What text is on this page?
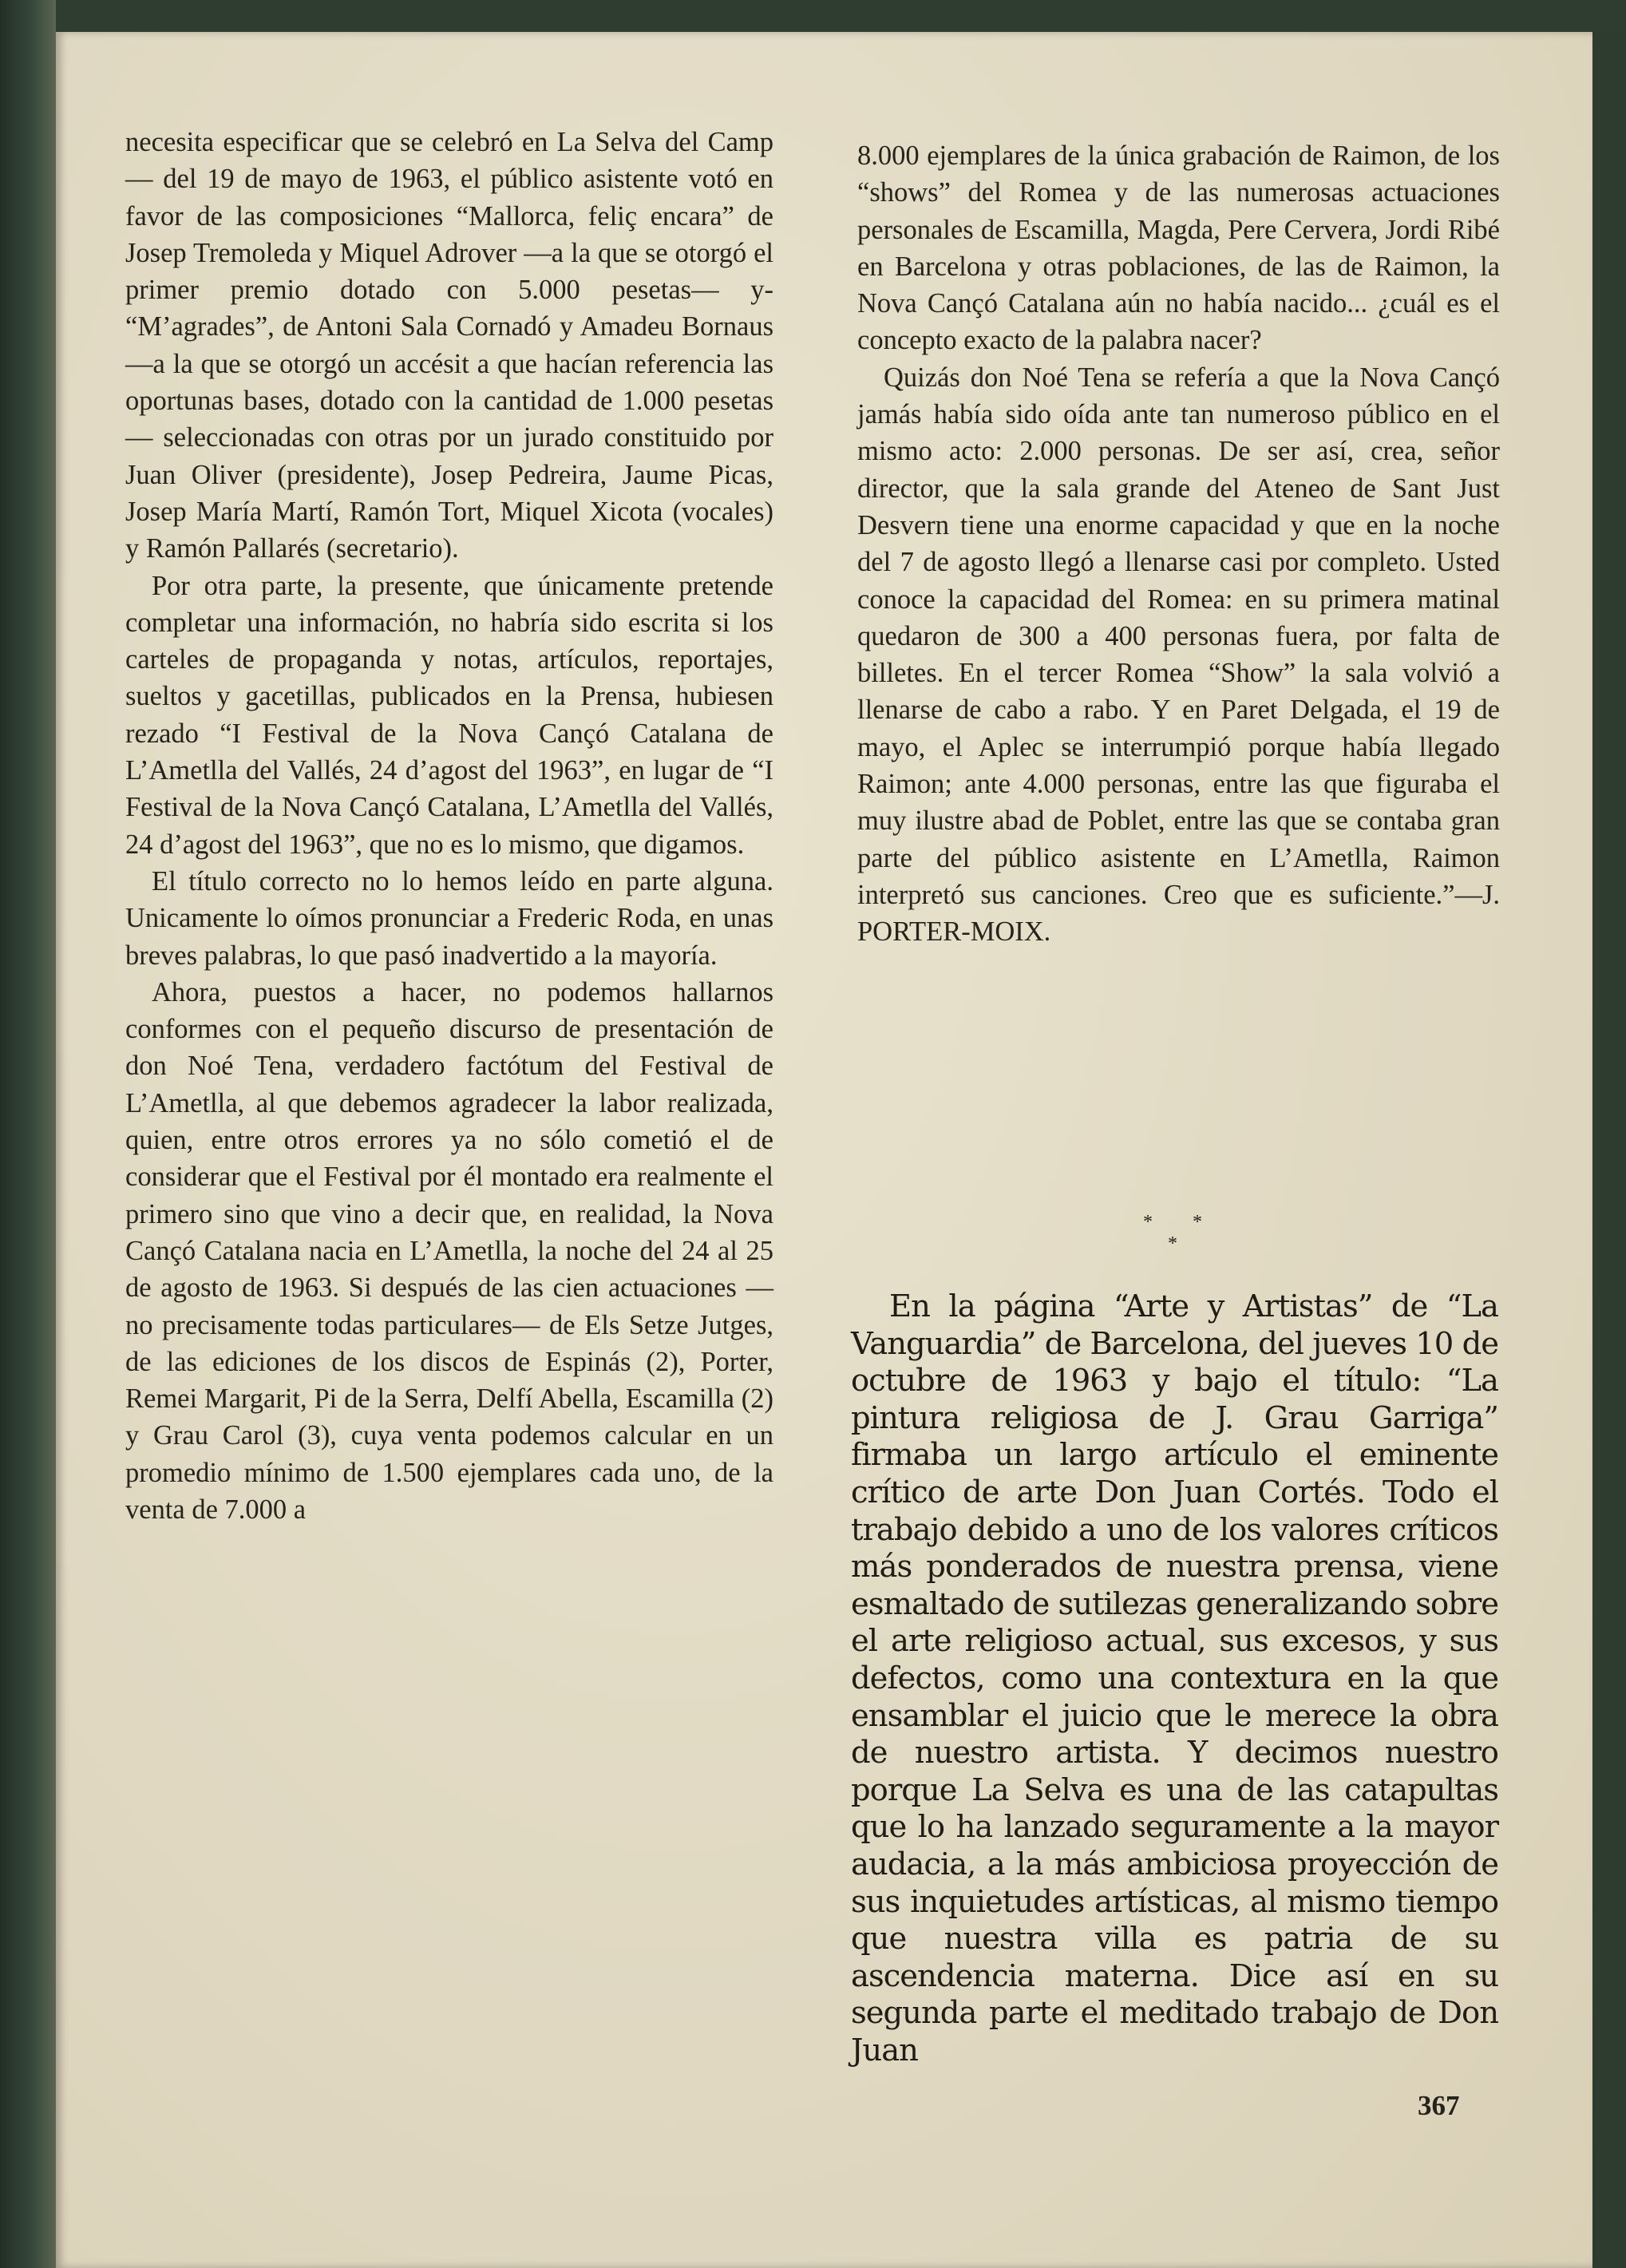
necesita especificar que se celebró en La Selva del Camp— del 19 de mayo de 1963, el público asistente votó en favor de las composiciones “Mallorca, feliç encara” de Josep Tremoleda y Miquel Adrover —a la que se otorgó el primer premio dotado con 5.000 pesetas— y- “M’agrades”, de Antoni Sala Cornadó y Amadeu Bornaus —a la que se otorgó un accésit a que hacían referencia las oportunas bases, dotado con la cantidad de 1.000 pesetas— seleccionadas con otras por un jurado constituido por Juan Oliver (presidente), Josep Pedreira, Jaume Picas, Josep María Martí, Ramón Tort, Miquel Xicota (vocales) y Ramón Pallarés (secretario).

Por otra parte, la presente, que únicamente pretende completar una información, no habría sido escrita si los carteles de propaganda y notas, artículos, reportajes, sueltos y gacetillas, publicados en la Prensa, hubiesen rezado “I Festival de la Nova Cançó Catalana de L’Ametlla del Vallés, 24 d’agost del 1963”, en lugar de “I Festival de la Nova Cançó Catalana, L’Ametlla del Vallés, 24 d’agost del 1963”, que no es lo mismo, que digamos.

El título correcto no lo hemos leído en parte alguna. Unicamente lo oímos pronunciar a Frederic Roda, en unas breves palabras, lo que pasó inadvertido a la mayoría.

Ahora, puestos a hacer, no podemos hallarnos conformes con el pequeño discurso de presentación de don Noé Tena, verdadero factótum del Festival de L’Ametlla, al que debemos agradecer la labor realizada, quien, entre otros errores ya no sólo cometió el de considerar que el Festival por él montado era realmente el primero sino que vino a decir que, en realidad, la Nova Cançó Catalana nacia en L’Ametlla, la noche del 24 al 25 de agosto de 1963. Si después de las cien actuaciones —no precisamente todas particulares— de Els Setze Jutges, de las ediciones de los discos de Espinás (2), Porter, Remei Margarit, Pi de la Serra, Delfí Abella, Escamilla (2) y Grau Carol (3), cuya venta podemos calcular en un promedio mínimo de 1.500 ejemplares cada uno, de la venta de 7.000 a

8.000 ejemplares de la única grabación de Raimon, de los “shows” del Romea y de las numerosas actuaciones personales de Escamilla, Magda, Pere Cervera, Jordi Ribé en Barcelona y otras poblaciones, de las de Raimon, la Nova Cançó Catalana aún no había nacido... ¿cuál es el concepto exacto de la palabra nacer?

Quizás don Noé Tena se refería a que la Nova Cançó jamás había sido oída ante tan numeroso público en el mismo acto: 2.000 personas. De ser así, crea, señor director, que la sala grande del Ateneo de Sant Just Desvern tiene una enorme capacidad y que en la noche del 7 de agosto llegó a llenarse casi por completo. Usted conoce la capacidad del Romea: en su primera matinal quedaron de 300 a 400 personas fuera, por falta de billetes. En el tercer Romea “Show” la sala volvió a llenarse de cabo a rabo. Y en Paret Delgada, el 19 de mayo, el Aplec se interrumpió porque había llegado Raimon; ante 4.000 personas, entre las que figuraba el muy ilustre abad de Poblet, entre las que se contaba gran parte del público asistente en L’Ametlla, Raimon interpretó sus canciones. Creo que es suficiente.”—J. PORTER-MOIX.

* * *

En la página “Arte y Artistas” de “La Vanguardia” de Barcelona, del jueves 10 de octubre de 1963 y bajo el título: “La pintura religiosa de J. Grau Garriga” firmaba un largo artículo el eminente crítico de arte Don Juan Cortés. Todo el trabajo debido a uno de los valores críticos más ponderados de nuestra prensa, viene esmaltado de sutilezas generalizando sobre el arte religioso actual, sus excesos, y sus defectos, como una contextura en la que ensamblar el juicio que le merece la obra de nuestro artista. Y decimos nuestro porque La Selva es una de las catapultas que lo ha lanzado seguramente a la mayor audacia, a la más ambiciosa proyección de sus inquietudes artísticas, al mismo tiempo que nuestra villa es patria de su ascendencia materna. Dice así en su segunda parte el meditado trabajo de Don Juan

367
